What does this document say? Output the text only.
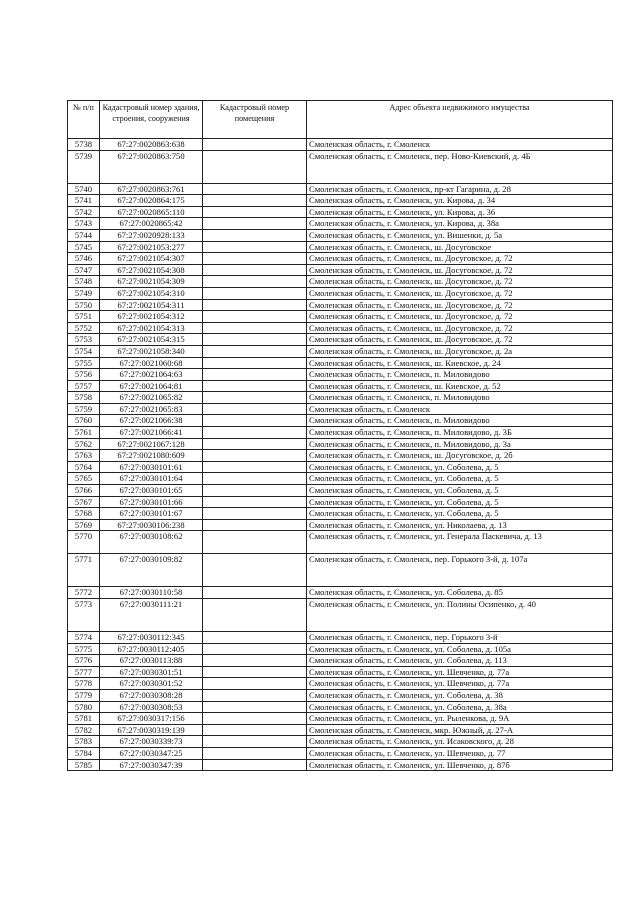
№ п/п	Кадастровый номер здания, строения, сооружения	Кадастровый номер помещения	Адрес объекта недвижимого имущества
5738	67:27:0020863:638		Смоленская область, г. Смоленск
5739	67:27:0020863:750		Смоленская область, г. Смоленск, пер. Ново-Киевский, д. 4Б
5740	67:27:0020863:761		Смоленская область, г. Смоленск, пр-кт Гагарина, д. 28
5741	67:27:0020864:175		Смоленская область, г. Смоленск, ул. Кирова, д. 34
5742	67:27:0020865:110		Смоленская область, г. Смоленск, ул. Кирова, д. 36
5743	67:27:0020865:42		Смоленская область, г. Смоленск, ул. Кирова, д. 38а
5744	67:27:0020928:133		Смоленская область, г. Смоленск, ул. Вишенки, д. 5а
5745	67:27:0021053:277		Смоленская область, г. Смоленск, ш. Досуговское
5746	67:27:0021054:307		Смоленская область, г. Смоленск, ш. Досуговское, д. 72
5747	67:27:0021054:308		Смоленская область, г. Смоленск, ш. Досуговское, д. 72
5748	67:27:0021054:309		Смоленская область, г. Смоленск, ш. Досуговское, д. 72
5749	67:27:0021054:310		Смоленская область, г. Смоленск, ш. Досуговское, д. 72
5750	67:27:0021054:311		Смоленская область, г. Смоленск, ш. Досуговское, д. 72
5751	67:27:0021054:312		Смоленская область, г. Смоленск, ш. Досуговское, д. 72
5752	67:27:0021054:313		Смоленская область, г. Смоленск, ш. Досуговское, д. 72
5753	67:27:0021054:315		Смоленская область, г. Смоленск, ш. Досуговское, д. 72
5754	67:27:0021058:340		Смоленская область, г. Смоленск, ш. Досуговское, д. 2а
5755	67:27:0021060:68		Смоленская область, г. Смоленск, ш. Киевское, д. 24
5756	67:27:0021064:63		Смоленская область, г. Смоленск, п. Миловидово
5757	67:27:0021064:81		Смоленская область, г. Смоленск, ш. Киевское, д. 52
5758	67:27:0021065:82		Смоленская область, г. Смоленск, п. Миловидово
5759	67:27:0021065:83		Смоленская область, г. Смоленск
5760	67:27:0021066:38		Смоленская область, г. Смоленск, п. Миловидово
5761	67:27:0021066:41		Смоленская область, г. Смоленск, п. Миловидово, д. 3Б
5762	67:27:0021067:128		Смоленская область, г. Смоленск, п. Миловидово, д. 3а
5763	67:27:0021080:609		Смоленская область, г. Смоленск, ш. Досуговское, д. 2б
5764	67:27:0030101:61		Смоленская область, г. Смоленск, ул. Соболева, д. 5
5765	67:27:0030101:64		Смоленская область, г. Смоленск, ул. Соболева, д. 5
5766	67:27:0030101:65		Смоленская область, г. Смоленск, ул. Соболева, д. 5
5767	67:27:0030101:66		Смоленская область, г. Смоленск, ул. Соболева, д. 5
5768	67:27:0030101:67		Смоленская область, г. Смоленск, ул. Соболева, д. 5
5769	67:27:0030106:238		Смоленская область, г. Смоленск, ул. Николаева, д. 13
5770	67:27:0030108:62		Смоленская область, г. Смоленск, ул. Генерала Паскевича, д. 13
5771	67:27:0030109:82		Смоленская область, г. Смоленск, пер. Горького 3-й, д. 107а
5772	67:27:0030110:58		Смоленская область, г. Смоленск, ул. Соболева, д. 85
5773	67:27:0030111:21		Смоленская область, г. Смоленск, ул. Полины Осипенко, д. 40
5774	67:27:0030112:345		Смоленская область, г. Смоленск, пер. Горького 3-й
5775	67:27:0030112:405		Смоленская область, г. Смоленск, ул. Соболева, д. 105а
5776	67:27:0030113:88		Смоленская область, г. Смоленск, ул. Соболева, д. 113
5777	67:27:0030301:51		Смоленская область, г. Смоленск, ул. Шевченко, д. 77а
5778	67:27:0030301:52		Смоленская область, г. Смоленск, ул. Шевченко, д. 77а
5779	67:27:0030308:28		Смоленская область, г. Смоленск, ул. Соболева, д. 38
5780	67:27:0030308:53		Смоленская область, г. Смоленск, ул. Соболева, д. 38а
5781	67:27:0030317:156		Смоленская область, г. Смоленск, ул. Рыленкова, д. 9А
5782	67:27:0030319:139		Смоленская область, г. Смоленск, мкр. Южный, д. 27-А
5783	67:27:0030339:73		Смоленская область, г. Смоленск, ул. Исаковского, д. 28
5784	67:27:0030347:25		Смоленская область, г. Смоленск, ул. Шевченко, д. 77
5785	67:27:0030347:39		Смоленская область, г. Смоленск, ул. Шевченко, д. 87б
